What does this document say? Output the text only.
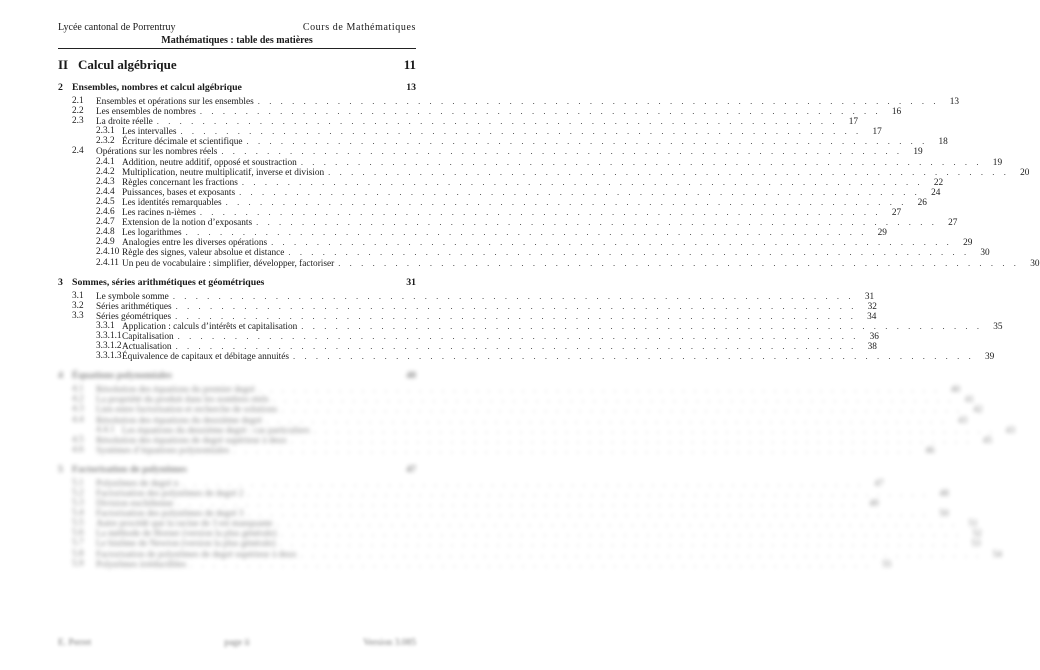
Lycée cantonal de Porrentruy	Cours de Mathématiques
Mathématiques : table des matières
II Calcul algébrique	11
2 Ensembles, nombres et calcul algébrique	13
2.1 Ensembles et opérations sur les ensembles . . . . . . . . . . . . . . . . . . . . . . . . . . . . . . . . . . . . . . . . . . . . . . . . . . . . . . . . . . . .	13
2.2 Les ensembles de nombres . . . . . . . . . . . . . . . . . . . . . . . . . . . . . . . . . . . . . . . . . . . . . . . . . . . . . . . . . . . .	16
2.3 La droite réelle . . . . . . . . . . . . . . . . . . . . . . . . . . . . . . . . . . . . . . . . . . . . . . . . . . . . . . . . . . . .	17
2.3.1 Les intervalles . . . . . . . . . . . . . . . . . . . . . . . . . . . . . . . . . . . . . . . . . . . . . . . . . . . . . . . . . . . .	17
2.3.2 Écriture décimale et scientifique . . . . . . . . . . . . . . . . . . . . . . . . . . . . . . . . . . . . . . . . . . . . . . . . . . . . . . . . . . . .	18
2.4 Opérations sur les nombres réels . . . . . . . . . . . . . . . . . . . . . . . . . . . . . . . . . . . . . . . . . . . . . . . . . . . . . . . . . . . .	19
2.4.1 Addition, neutre additif, opposé et soustraction . . . . . . . . . . . . . . . . . . . . . . . . . . . . . . . . . . . . . . . . . . . . . . . . . . . . . . . . . . . .	19
2.4.2 Multiplication, neutre multiplicatif, inverse et division . . . . . . . . . . . . . . . . . . . . . . . . . . . . . . . . . . . . . . . . . . . . . . . . . . . . . . . . . . . .	20
2.4.3 Règles concernant les fractions . . . . . . . . . . . . . . . . . . . . . . . . . . . . . . . . . . . . . . . . . . . . . . . . . . . . . . . . . . . .	22
2.4.4 Puissances, bases et exposants . . . . . . . . . . . . . . . . . . . . . . . . . . . . . . . . . . . . . . . . . . . . . . . . . . . . . . . . . . . .	24
2.4.5 Les identités remarquables . . . . . . . . . . . . . . . . . . . . . . . . . . . . . . . . . . . . . . . . . . . . . . . . . . . . . . . . . . . .	26
2.4.6 Les racines n-ièmes . . . . . . . . . . . . . . . . . . . . . . . . . . . . . . . . . . . . . . . . . . . . . . . . . . . . . . . . . . . .	27
2.4.7 Extension de la notion d’exposants . . . . . . . . . . . . . . . . . . . . . . . . . . . . . . . . . . . . . . . . . . . . . . . . . . . . . . . . . . . .	27
2.4.8 Les logarithmes . . . . . . . . . . . . . . . . . . . . . . . . . . . . . . . . . . . . . . . . . . . . . . . . . . . . . . . . . . . .	29
2.4.9 Analogies entre les diverses opérations . . . . . . . . . . . . . . . . . . . . . . . . . . . . . . . . . . . . . . . . . . . . . . . . . . . . . . . . . . . .	29
2.4.10 Règle des signes, valeur absolue et distance . . . . . . . . . . . . . . . . . . . . . . . . . . . . . . . . . . . . . . . . . . . . . . . . . . . . . . . . . . . .	30
2.4.11 Un peu de vocabulaire : simplifier, développer, factoriser . . . . . . . . . . . . . . . . . . . . . . . . . . . . . . . . . . . . . . . . . . . . . . . . . . . . . . . . . . . .	30
3 Sommes, séries arithmétiques et géométriques	31
3.1 Le symbole somme . . . . . . . . . . . . . . . . . . . . . . . . . . . . . . . . . . . . . . . . . . . . . . . . . . . . . . . . . . . .	31
3.2 Séries arithmétiques . . . . . . . . . . . . . . . . . . . . . . . . . . . . . . . . . . . . . . . . . . . . . . . . . . . . . . . . . . . .	32
3.3 Séries géométriques . . . . . . . . . . . . . . . . . . . . . . . . . . . . . . . . . . . . . . . . . . . . . . . . . . . . . . . . . . . .	34
3.3.1 Application : calculs d’intérêts et capitalisation . . . . . . . . . . . . . . . . . . . . . . . . . . . . . . . . . . . . . . . . . . . . . . . . . . . . . . . . . . . .	35
3.3.1.1 Capitalisation . . . . . . . . . . . . . . . . . . . . . . . . . . . . . . . . . . . . . . . . . . . . . . . . . . . . . . . . . . . .	36
3.3.1.2 Actualisation . . . . . . . . . . . . . . . . . . . . . . . . . . . . . . . . . . . . . . . . . . . . . . . . . . . . . . . . . . . .	38
3.3.1.3 Équivalence de capitaux et débitage annuités . . . . . . . . . . . . . . . . . . . . . . . . . . . . . . . . . . . . . . . . . . . . . . . . . . . . . . . . . . . .	39
4 Équations polynomiales	40
4.1 Résolution des équations du premier degré . . . . . . . . . . . . . . . . . . . . . . . . . . . . . . . . . . . . . . . . . . . . . . . . . . . . . . . . . . . .	40
4.2 La propriété du produit dans les nombres réels . . . . . . . . . . . . . . . . . . . . . . . . . . . . . . . . . . . . . . . . . . . . . . . . . . . . . . . . . . . .	41
4.3 Lien entre factorisation et recherche de solutions . . . . . . . . . . . . . . . . . . . . . . . . . . . . . . . . . . . . . . . . . . . . . . . . . . . . . . . . . . . .	42
4.4 Résolution des équations du deuxième degré . . . . . . . . . . . . . . . . . . . . . . . . . . . . . . . . . . . . . . . . . . . . . . . . . . . . . . . . . . . .	43
4.4.1 Les équations du deuxième degré : cas particuliers . . . . . . . . . . . . . . . . . . . . . . . . . . . . . . . . . . . . . . . . . . . . . . . . . . . . . . . . . . . .	43
4.5 Résolution des équations de degré supérieur à deux . . . . . . . . . . . . . . . . . . . . . . . . . . . . . . . . . . . . . . . . . . . . . . . . . . . . . . . . . . . .	45
4.6 Systèmes d’équations polynomiales . . . . . . . . . . . . . . . . . . . . . . . . . . . . . . . . . . . . . . . . . . . . . . . . . . . . . . . . . . . .	46
5 Factorisation de polynômes	47
5.1 Polynômes de degré n . . . . . . . . . . . . . . . . . . . . . . . . . . . . . . . . . . . . . . . . . . . . . . . . . . . . . . . . . . . .	47
5.2 Factorisation des polynômes de degré 2 . . . . . . . . . . . . . . . . . . . . . . . . . . . . . . . . . . . . . . . . . . . . . . . . . . . . . . . . . . . .	48
5.3 Division euclidienne . . . . . . . . . . . . . . . . . . . . . . . . . . . . . . . . . . . . . . . . . . . . . . . . . . . . . . . . . . . .	49
5.4 Factorisation des polynômes de degré 3 . . . . . . . . . . . . . . . . . . . . . . . . . . . . . . . . . . . . . . . . . . . . . . . . . . . . . . . . . . . .	50
5.5 Autre procédé que la racine de 3 est manquante . . . . . . . . . . . . . . . . . . . . . . . . . . . . . . . . . . . . . . . . . . . . . . . . . . . . . . . . . . . .	51
5.6 La méthode de Horner (version la plus générale) . . . . . . . . . . . . . . . . . . . . . . . . . . . . . . . . . . . . . . . . . . . . . . . . . . . . . . . . . . . .	52
5.7 Le binôme de Newton (version la plus générale) . . . . . . . . . . . . . . . . . . . . . . . . . . . . . . . . . . . . . . . . . . . . . . . . . . . . . . . . . . . .	53
5.8 Factorisation de polynômes de degré supérieur à deux . . . . . . . . . . . . . . . . . . . . . . . . . . . . . . . . . . . . . . . . . . . . . . . . . . . . . . . . . . . .	54
5.9 Polynômes irréductibles . . . . . . . . . . . . . . . . . . . . . . . . . . . . . . . . . . . . . . . . . . . . . . . . . . . . . . . . . . . .	55
E. Perret	page ii	Version 3.085
